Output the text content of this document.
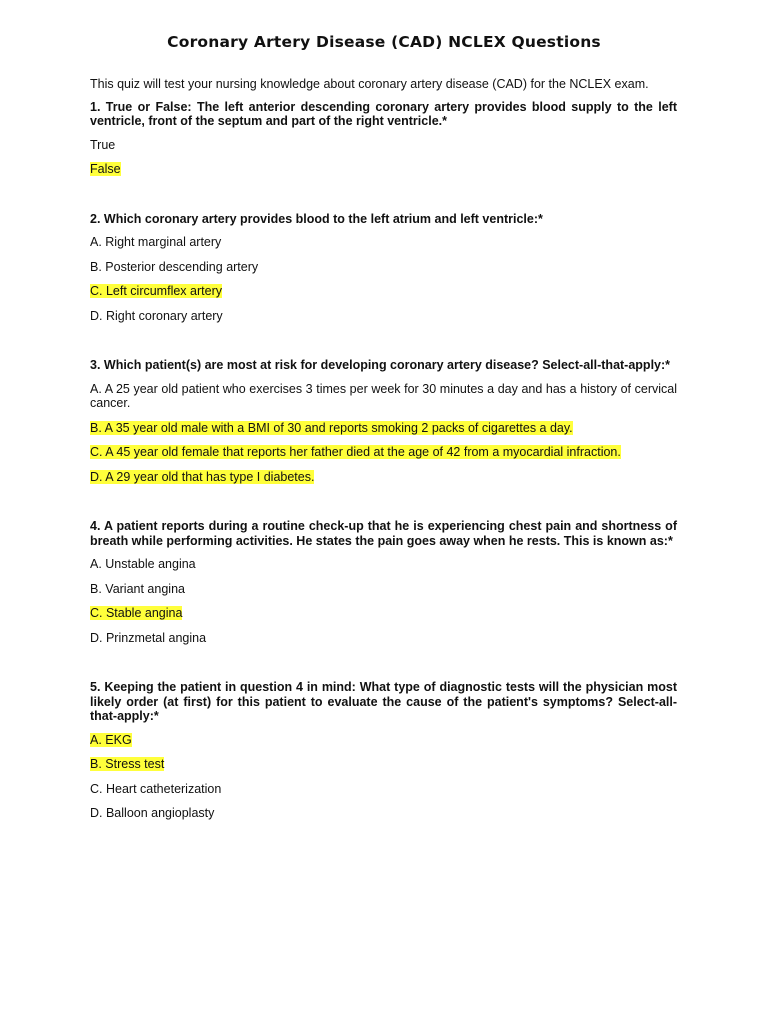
Coronary Artery Disease (CAD) NCLEX Questions

This quiz will test your nursing knowledge about coronary artery disease (CAD) for the NCLEX exam.

1. True or False: The left anterior descending coronary artery provides blood supply to the left ventricle, front of the septum and part of the right ventricle.*

True

False

2. Which coronary artery provides blood to the left atrium and left ventricle:*

A. Right marginal artery

B. Posterior descending artery

C. Left circumflex artery

D. Right coronary artery

3. Which patient(s) are most at risk for developing coronary artery disease? Select-all-that-apply:*

A. A 25 year old patient who exercises 3 times per week for 30 minutes a day and has a history of cervical cancer.

B. A 35 year old male with a BMI of 30 and reports smoking 2 packs of cigarettes a day.

C. A 45 year old female that reports her father died at the age of 42 from a myocardial infraction.

D. A 29 year old that has type I diabetes.

4. A patient reports during a routine check-up that he is experiencing chest pain and shortness of breath while performing activities. He states the pain goes away when he rests. This is known as:*

A. Unstable angina

B. Variant angina

C. Stable angina

D. Prinzmetal angina

5. Keeping the patient in question 4 in mind: What type of diagnostic tests will the physician most likely order (at first) for this patient to evaluate the cause of the patient's symptoms? Select-all-that-apply:*

A. EKG

B. Stress test

C. Heart catheterization

D. Balloon angioplasty
